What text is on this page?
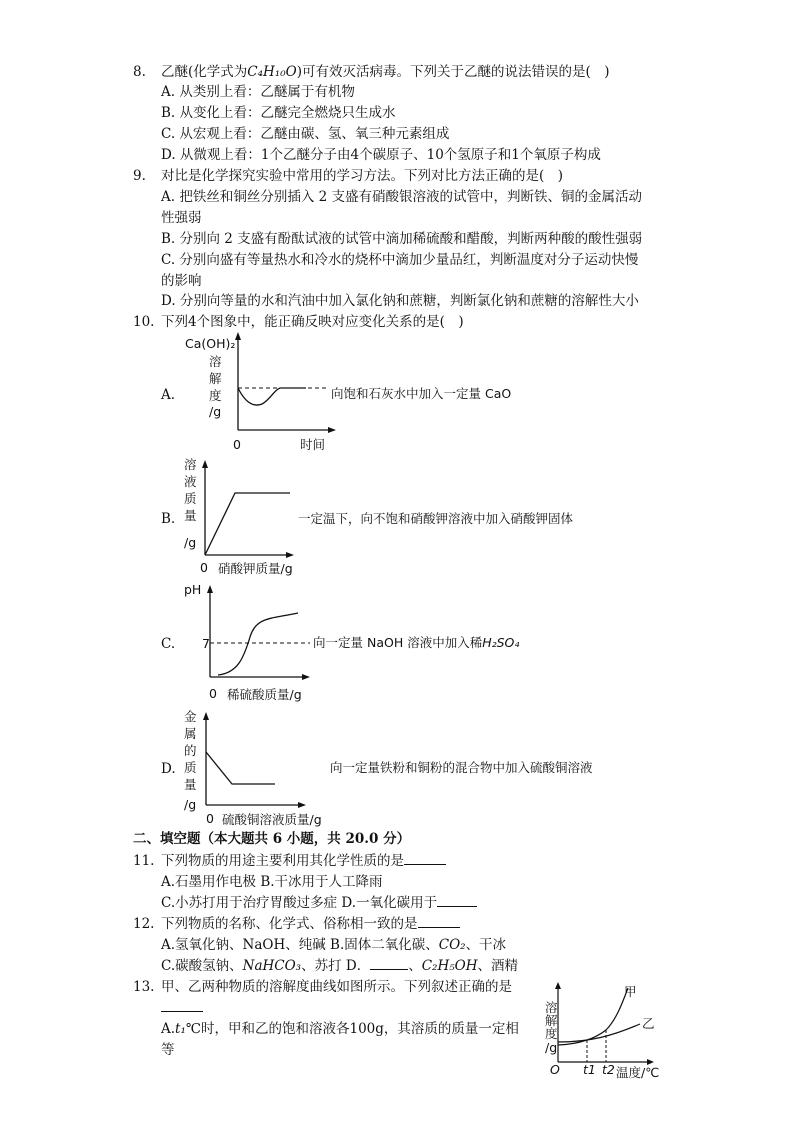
8. 乙醚(化学式为C₄H₁₀O)可有效灭活病毒。下列关于乙醚的说法错误的是(　)
A. 从类别上看：乙醚属于有机物
B. 从变化上看：乙醚完全燃烧只生成水
C. 从宏观上看：乙醚由碳、氢、氧三种元素组成
D. 从微观上看：1个乙醚分子由4个碳原子、10个氢原子和1个氧原子构成
9. 对比是化学探究实验中常用的学习方法。下列对比方法正确的是(　)
A. 把铁丝和铜丝分别插入 2 支盛有硝酸银溶液的试管中，判断铁、铜的金属活动
性强弱
B. 分别向 2 支盛有酚酞试液的试管中滴加稀硫酸和醋酸，判断两种酸的酸性强弱
C. 分别向盛有等量热水和冷水的烧杯中滴加少量品红，判断温度对分子运动快慢
的影响
D. 分别向等量的水和汽油中加入氯化钠和蔗糖，判断氯化钠和蔗糖的溶解性大小
10. 下列4个图象中，能正确反映对应变化关系的是(　)
A.
Ca(OH)₂
溶
解
度
/g
0	时间
向饱和石灰水中加入一定量 CaO
B.
溶
液
质
量
/g
0 硝酸钾质量/g
一定温下，向不饱和硝酸钾溶液中加入硝酸钾固体
C.
pH
7
0 稀硫酸质量/g
向一定量 NaOH 溶液中加入稀H₂SO₄
D.
金
属
的
质
量
/g
0 硫酸铜溶液质量/g
向一定量铁粉和铜粉的混合物中加入硫酸铜溶液
二、填空题（本大题共 6 小题，共 20.0 分）
11. 下列物质的用途主要利用其化学性质的是
A.石墨用作电极 B.干冰用于人工降雨
C.小苏打用于治疗胃酸过多症 D.一氧化碳用于
12. 下列物质的名称、化学式、俗称相一致的是
A.氢氧化钠、NaOH、纯碱 B.固体二氧化碳、CO₂、干冰
C.碳酸氢钠、NaHCO₃、苏打 D．	、C₂H₅OH、酒精
13. 甲、乙两种物质的溶解度曲线如图所示。下列叙述正确的是
A.t₁℃时，甲和乙的饱和溶液各100g，其溶质的质量一定相
等
溶
解
度
/g
甲
乙
O t1 t2 温度/℃
